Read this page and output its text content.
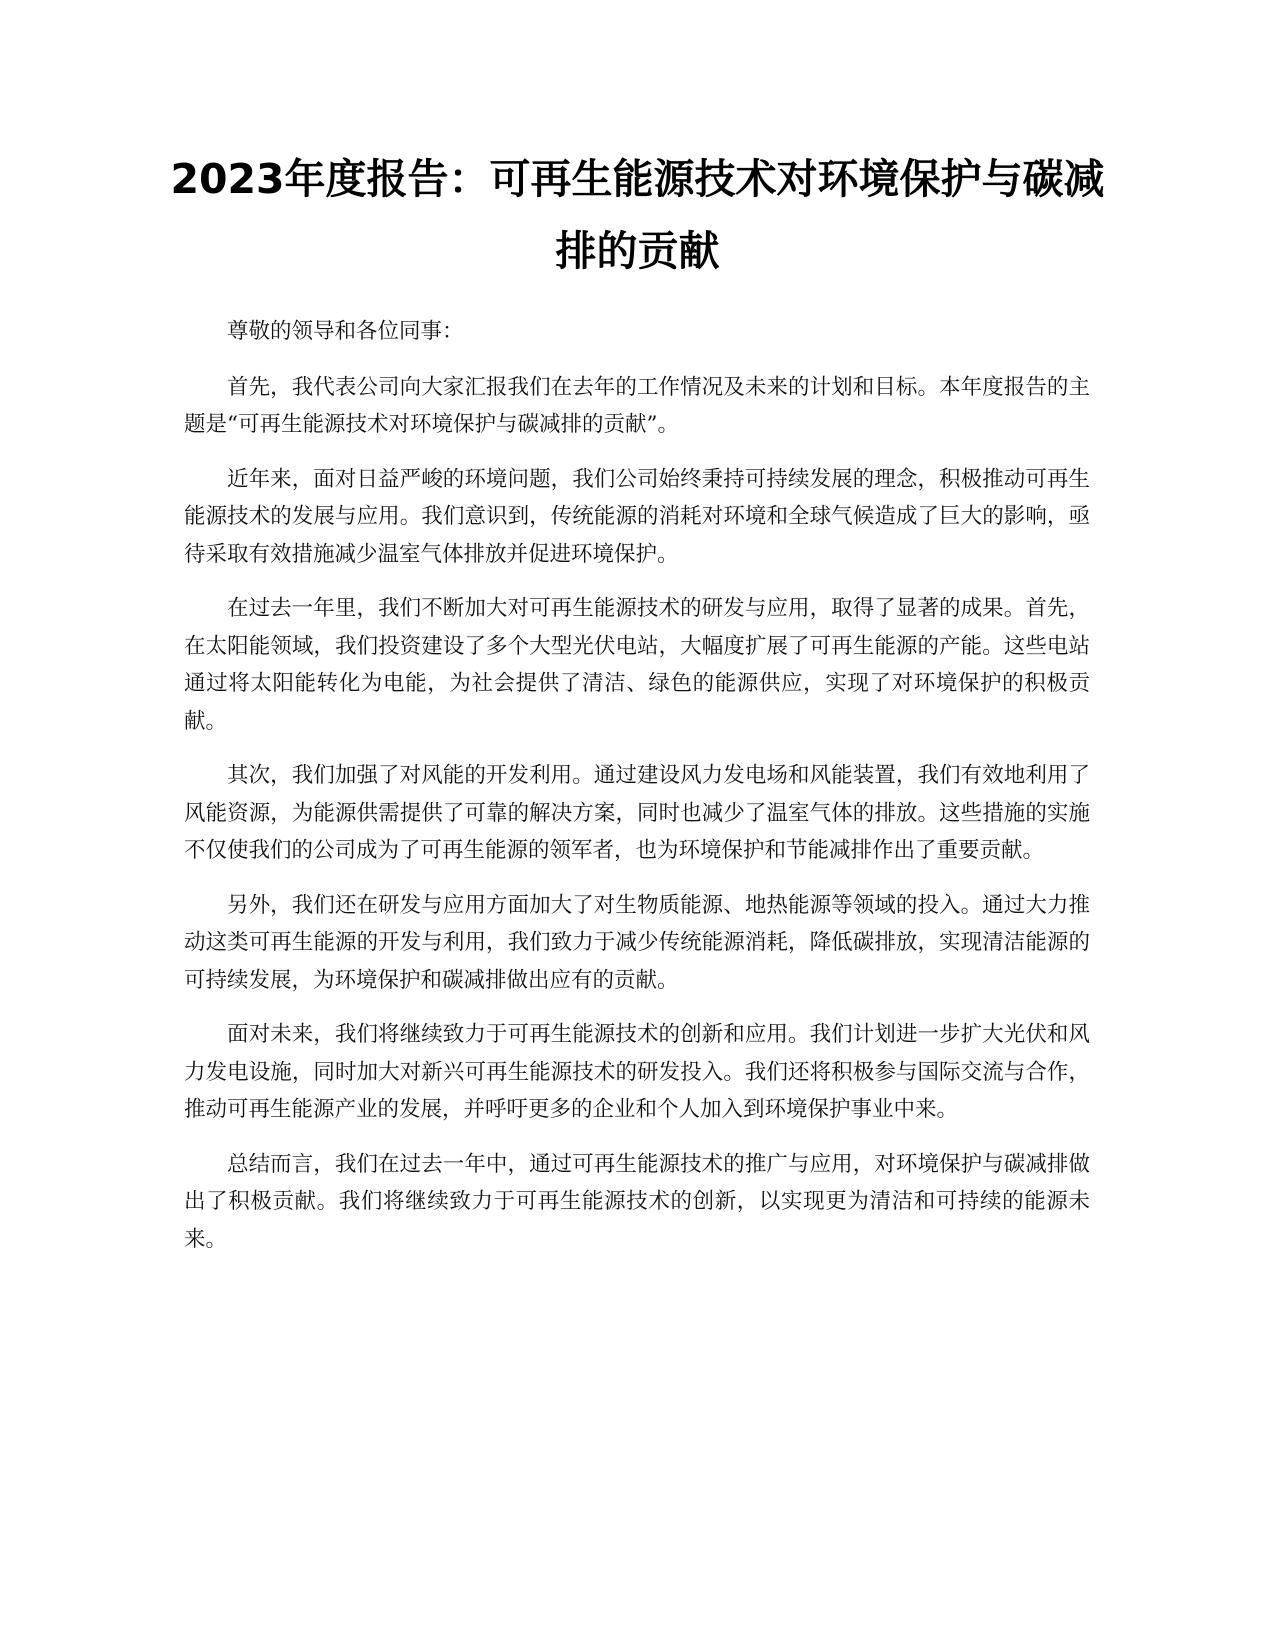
2023年度报告：可再生能源技术对环境保护与碳减排的贡献

尊敬的领导和各位同事：

首先，我代表公司向大家汇报我们在去年的工作情况及未来的计划和目标。本年度报告的主题是“可再生能源技术对环境保护与碳减排的贡献”。

近年来，面对日益严峻的环境问题，我们公司始终秉持可持续发展的理念，积极推动可再生能源技术的发展与应用。我们意识到，传统能源的消耗对环境和全球气候造成了巨大的影响，亟待采取有效措施减少温室气体排放并促进环境保护。

在过去一年里，我们不断加大对可再生能源技术的研发与应用，取得了显著的成果。首先，在太阳能领域，我们投资建设了多个大型光伏电站，大幅度扩展了可再生能源的产能。这些电站通过将太阳能转化为电能，为社会提供了清洁、绿色的能源供应，实现了对环境保护的积极贡献。

其次，我们加强了对风能的开发利用。通过建设风力发电场和风能装置，我们有效地利用了风能资源，为能源供需提供了可靠的解决方案，同时也减少了温室气体的排放。这些措施的实施不仅使我们的公司成为了可再生能源的领军者，也为环境保护和节能减排作出了重要贡献。

另外，我们还在研发与应用方面加大了对生物质能源、地热能源等领域的投入。通过大力推动这类可再生能源的开发与利用，我们致力于减少传统能源消耗，降低碳排放，实现清洁能源的可持续发展，为环境保护和碳减排做出应有的贡献。

面对未来，我们将继续致力于可再生能源技术的创新和应用。我们计划进一步扩大光伏和风力发电设施，同时加大对新兴可再生能源技术的研发投入。我们还将积极参与国际交流与合作，推动可再生能源产业的发展，并呼吁更多的企业和个人加入到环境保护事业中来。

总结而言，我们在过去一年中，通过可再生能源技术的推广与应用，对环境保护与碳减排做出了积极贡献。我们将继续致力于可再生能源技术的创新，以实现更为清洁和可持续的能源未来。
